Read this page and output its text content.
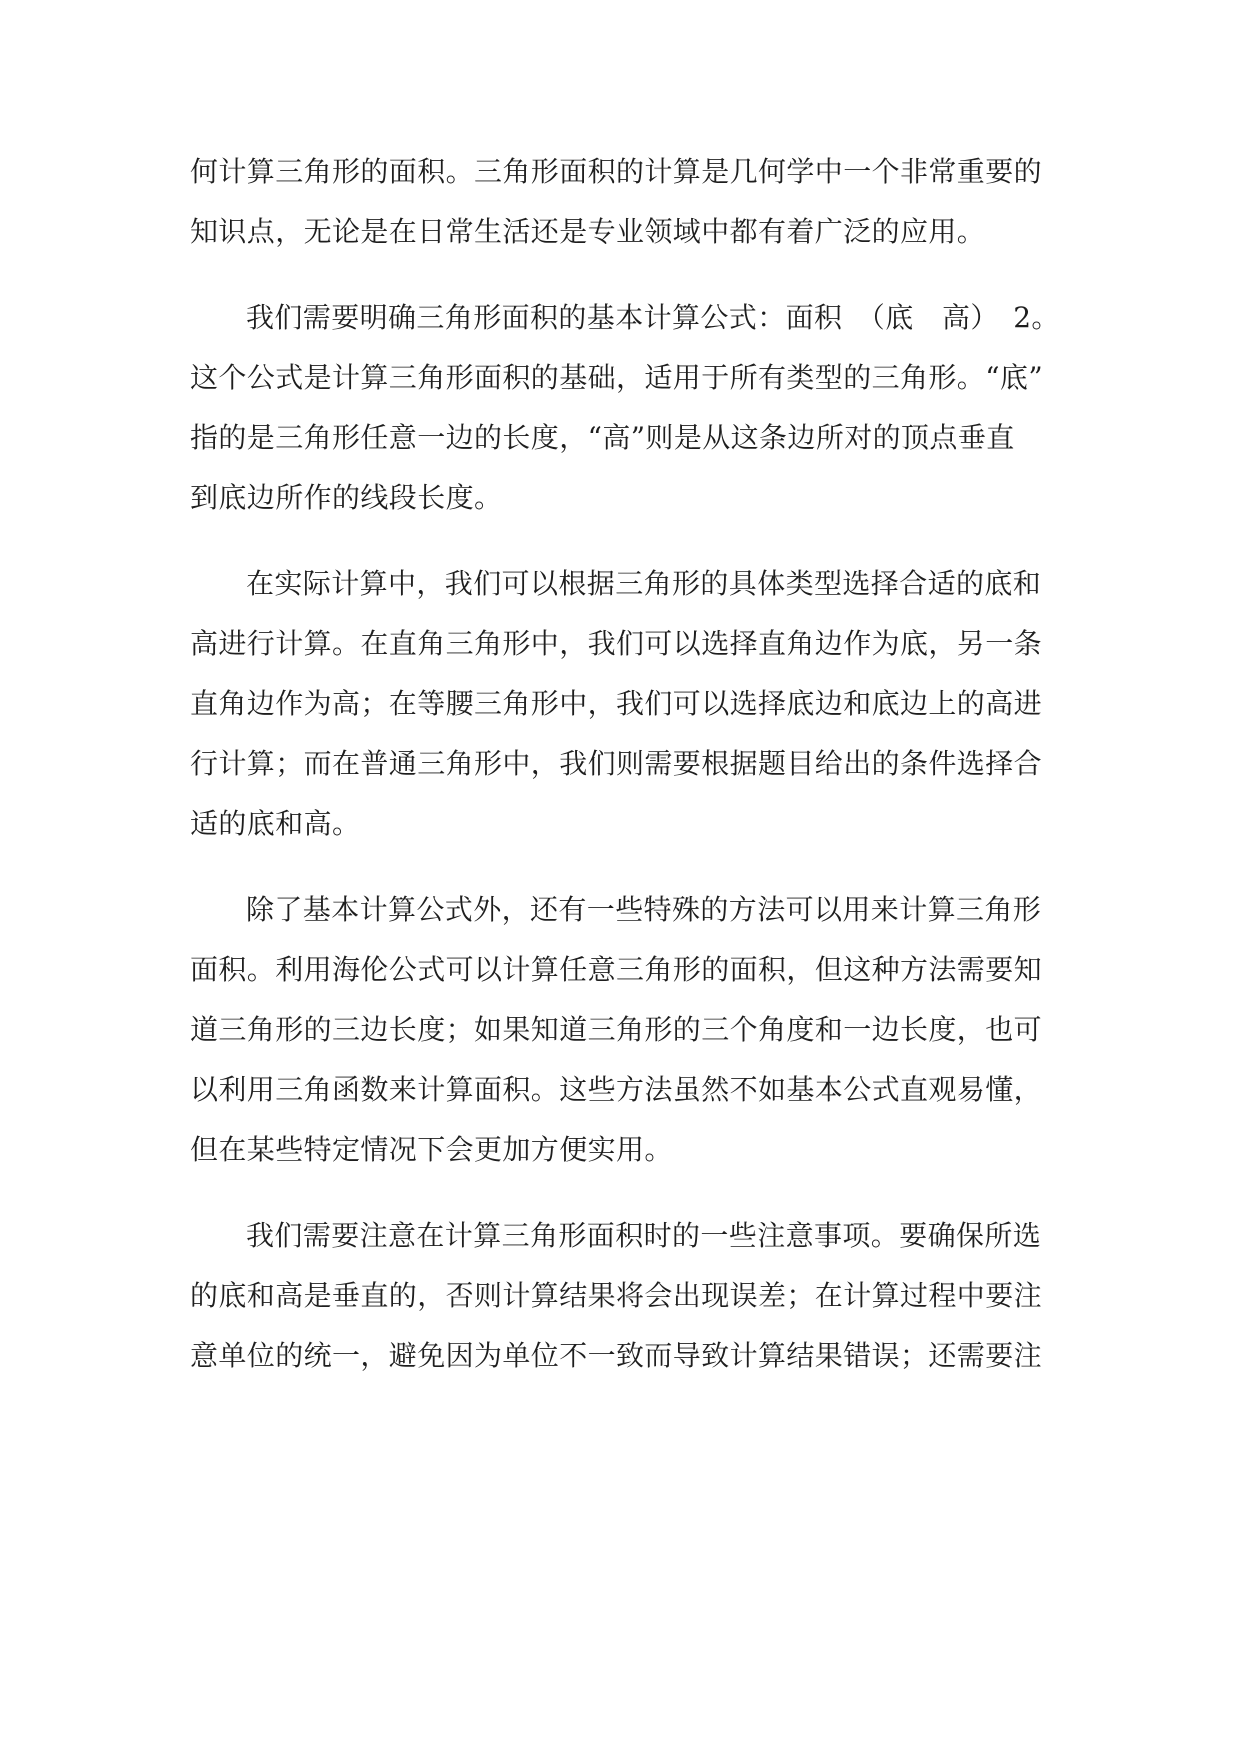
何计算三角形的面积。三角形面积的计算是几何学中一个非常重要的
知识点，无论是在日常生活还是专业领域中都有着广泛的应用。
我们需要明确三角形面积的基本计算公式：面积　（底　高）　2。
这个公式是计算三角形面积的基础，适用于所有类型的三角形。“底”
指的是三角形任意一边的长度，“高”则是从这条边所对的顶点垂直
到底边所作的线段长度。
在实际计算中，我们可以根据三角形的具体类型选择合适的底和
高进行计算。在直角三角形中，我们可以选择直角边作为底，另一条
直角边作为高；在等腰三角形中，我们可以选择底边和底边上的高进
行计算；而在普通三角形中，我们则需要根据题目给出的条件选择合
适的底和高。
除了基本计算公式外，还有一些特殊的方法可以用来计算三角形
面积。利用海伦公式可以计算任意三角形的面积，但这种方法需要知
道三角形的三边长度；如果知道三角形的三个角度和一边长度，也可
以利用三角函数来计算面积。这些方法虽然不如基本公式直观易懂，
但在某些特定情况下会更加方便实用。
我们需要注意在计算三角形面积时的一些注意事项。要确保所选
的底和高是垂直的，否则计算结果将会出现误差；在计算过程中要注
意单位的统一，避免因为单位不一致而导致计算结果错误；还需要注
